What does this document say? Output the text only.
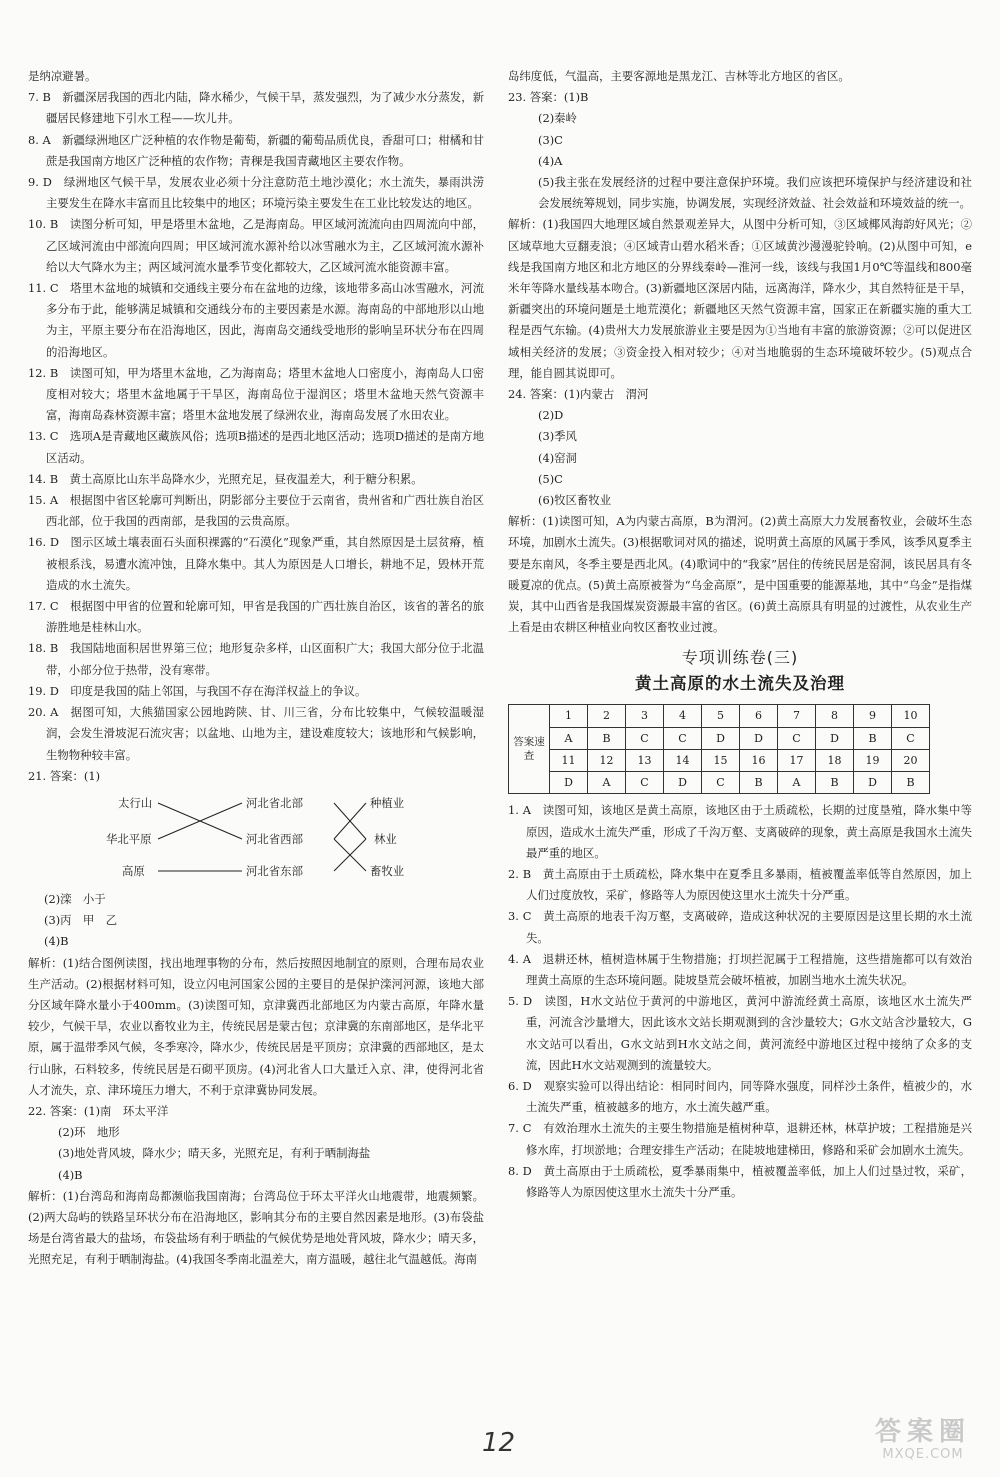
是纳凉避暑。

7. B　新疆深居我国的西北内陆，降水稀少，气候干旱，蒸发强烈，为了减少水分蒸发，新疆居民修建地下引水工程——坎儿井。

8. A　新疆绿洲地区广泛种植的农作物是葡萄，新疆的葡萄品质优良，香甜可口；柑橘和甘蔗是我国南方地区广泛种植的农作物；青稞是我国青藏地区主要农作物。

9. D　绿洲地区气候干旱，发展农业必须十分注意防范土地沙漠化；水土流失，暴雨洪涝主要发生在降水丰富而且比较集中的地区；环境污染主要发生在工业比较发达的地区。

10. B　读图分析可知，甲是塔里木盆地，乙是海南岛。甲区域河流流向由四周流向中部，乙区域河流由中部流向四周；甲区域河流水源补给以冰雪融水为主，乙区域河流水源补给以大气降水为主；两区域河流水量季节变化都较大，乙区域河流水能资源丰富。

11. C　塔里木盆地的城镇和交通线主要分布在盆地的边缘，该地带多高山冰雪融水，河流多分布于此，能够满足城镇和交通线分布的主要因素是水源。海南岛的中部地形以山地为主，平原主要分布在沿海地区，因此，海南岛交通线受地形的影响呈环状分布在四周的沿海地区。

12. B　读图可知，甲为塔里木盆地，乙为海南岛；塔里木盆地人口密度小，海南岛人口密度相对较大；塔里木盆地属于干旱区，海南岛位于湿润区；塔里木盆地天然气资源丰富，海南岛森林资源丰富；塔里木盆地发展了绿洲农业，海南岛发展了水田农业。

13. C　选项A是青藏地区藏族风俗；选项B描述的是西北地区活动；选项D描述的是南方地区活动。

14. B　黄土高原比山东半岛降水少，光照充足，昼夜温差大，利于糖分积累。

15. A　根据图中省区轮廓可判断出，阴影部分主要位于云南省，贵州省和广西壮族自治区西北部，位于我国的西南部，是我国的云贵高原。

16. D　图示区域土壤表面石头面积裸露的“石漠化”现象严重，其自然原因是土层贫瘠，植被根系浅，易遭水流冲蚀，且降水集中。其人为原因是人口增长，耕地不足，毁林开荒造成的水土流失。

17. C　根据图中甲省的位置和轮廓可知，甲省是我国的广西壮族自治区，该省的著名的旅游胜地是桂林山水。

18. B　我国陆地面积居世界第三位；地形复杂多样，山区面积广大；我国大部分位于北温带，小部分位于热带，没有寒带。

19. D　印度是我国的陆上邻国，与我国不存在海洋权益上的争议。

20. A　据图可知，大熊猫国家公园地跨陕、甘、川三省，分布比较集中，气候较温暖湿润，会发生滑坡泥石流灾害；以盆地、山地为主，建设难度较大；该地形和气候影响，生物物种较丰富。

21. 答案：(1)

太行山
华北平原
高原
河北省北部
河北省西部
河北省东部
种植业
林业
畜牧业

(2)滦　小于

(3)丙　甲　乙

(4)B

解析：(1)结合图例读图，找出地理事物的分布，然后按照因地制宜的原则，合理布局农业生产活动。(2)根据材料可知，设立闪电河国家公园的主要目的是保护滦河河源，该地大部分区域年降水量小于400mm。(3)读图可知，京津冀西北部地区为内蒙古高原，年降水量较少，气候干旱，农业以畜牧业为主，传统民居是蒙古包；京津冀的东南部地区，是华北平原，属于温带季风气候，冬季寒冷，降水少，传统民居是平顶房；京津冀的西部地区，是太行山脉，石料较多，传统民居是石砌平顶房。(4)河北省人口大量迁入京、津，使得河北省人才流失，京、津环境压力增大，不利于京津冀协同发展。

22. 答案：(1)南　环太平洋

(2)环　地形

(3)地处背风坡，降水少；晴天多，光照充足，有利于晒制海盐

(4)B

解析：(1)台湾岛和海南岛都濒临我国南海；台湾岛位于环太平洋火山地震带，地震频繁。(2)两大岛屿的铁路呈环状分布在沿海地区，影响其分布的主要自然因素是地形。(3)布袋盐场是台湾省最大的盐场，布袋盐场有利于晒盐的气候优势是地处背风坡，降水少；晴天多，光照充足，有利于晒制海盐。(4)我国冬季南北温差大，南方温暖，越往北气温越低。海南

岛纬度低，气温高，主要客源地是黑龙江、吉林等北方地区的省区。

23. 答案：(1)B

(2)秦岭

(3)C

(4)A

(5)我主张在发展经济的过程中要注意保护环境。我们应该把环境保护与经济建设和社会发展统筹规划，同步实施，协调发展，实现经济效益、社会效益和环境效益的统一。

解析：(1)我国四大地理区域自然景观差异大，从图中分析可知，③区域椰风海韵好风光；②区域草地大豆翻麦浪；④区域青山碧水稻米香；①区域黄沙漫漫驼铃响。(2)从图中可知，e线是我国南方地区和北方地区的分界线秦岭—淮河一线，该线与我国1月0℃等温线和800毫米年等降水量线基本吻合。(3)新疆地区深居内陆，远离海洋，降水少，其自然特征是干旱，新疆突出的环境问题是土地荒漠化；新疆地区天然气资源丰富，国家正在新疆实施的重大工程是西气东输。(4)贵州大力发展旅游业主要是因为①当地有丰富的旅游资源；②可以促进区域相关经济的发展；③资金投入相对较少；④对当地脆弱的生态环境破坏较少。(5)观点合理，能自圆其说即可。

24. 答案：(1)内蒙古　渭河

(2)D

(3)季风

(4)窑洞

(5)C

(6)牧区畜牧业

解析：(1)读图可知，A为内蒙古高原，B为渭河。(2)黄土高原大力发展畜牧业，会破坏生态环境，加剧水土流失。(3)根据歌词对风的描述，说明黄土高原的风属于季风，该季风夏季主要是东南风，冬季主要是西北风。(4)歌词中的“我家”居住的传统民居是窑洞，该民居具有冬暖夏凉的优点。(5)黄土高原被誉为“乌金高原”，是中国重要的能源基地，其中“乌金”是指煤炭，其中山西省是我国煤炭资源最丰富的省区。(6)黄土高原具有明显的过渡性，从农业生产上看是由农耕区种植业向牧区畜牧业过渡。

专项训练卷(三)
黄土高原的水土流失及治理
答案速查	1	2	3	4	5	6	7	8	9	10
	A	B	C	C	D	D	C	D	B	C
	11	12	13	14	15	16	17	18	19	20
	D	A	C	D	C	B	A	B	D	B

1. A　读图可知，该地区是黄土高原，该地区由于土质疏松，长期的过度垦殖，降水集中等原因，造成水土流失严重，形成了千沟万壑、支离破碎的现象，黄土高原是我国水土流失最严重的地区。

2. B　黄土高原由于土质疏松，降水集中在夏季且多暴雨，植被覆盖率低等自然原因，加上人们过度放牧，采矿，修路等人为原因使这里水土流失十分严重。

3. C　黄土高原的地表千沟万壑，支离破碎，造成这种状况的主要原因是这里长期的水土流失。

4. A　退耕还林，植树造林属于生物措施；打坝拦泥属于工程措施，这些措施都可以有效治理黄土高原的生态环境问题。陡坡垦荒会破坏植被，加剧当地水土流失状况。

5. D　读图，H水文站位于黄河的中游地区，黄河中游流经黄土高原，该地区水土流失严重，河流含沙量增大，因此该水文站长期观测到的含沙量较大；G水文站含沙量较大，G水文站可以看出，G水文站到H水文站之间，黄河流经中游地区过程中接纳了众多的支流，因此H水文站观测到的流量较大。

6. D　观察实验可以得出结论：相同时间内，同等降水强度，同样沙土条件，植被少的，水土流失严重，植被越多的地方，水土流失越严重。

7. C　有效治理水土流失的主要生物措施是植树种草，退耕还林，林草护坡；工程措施是兴修水库，打坝淤地；合理安排生产活动；在陡坡地建梯田，修路和采矿会加剧水土流失。

8. D　黄土高原由于土质疏松，夏季暴雨集中，植被覆盖率低，加上人们过垦过牧，采矿，修路等人为原因使这里水土流失十分严重。

12	答案圈
MXQE.COM
